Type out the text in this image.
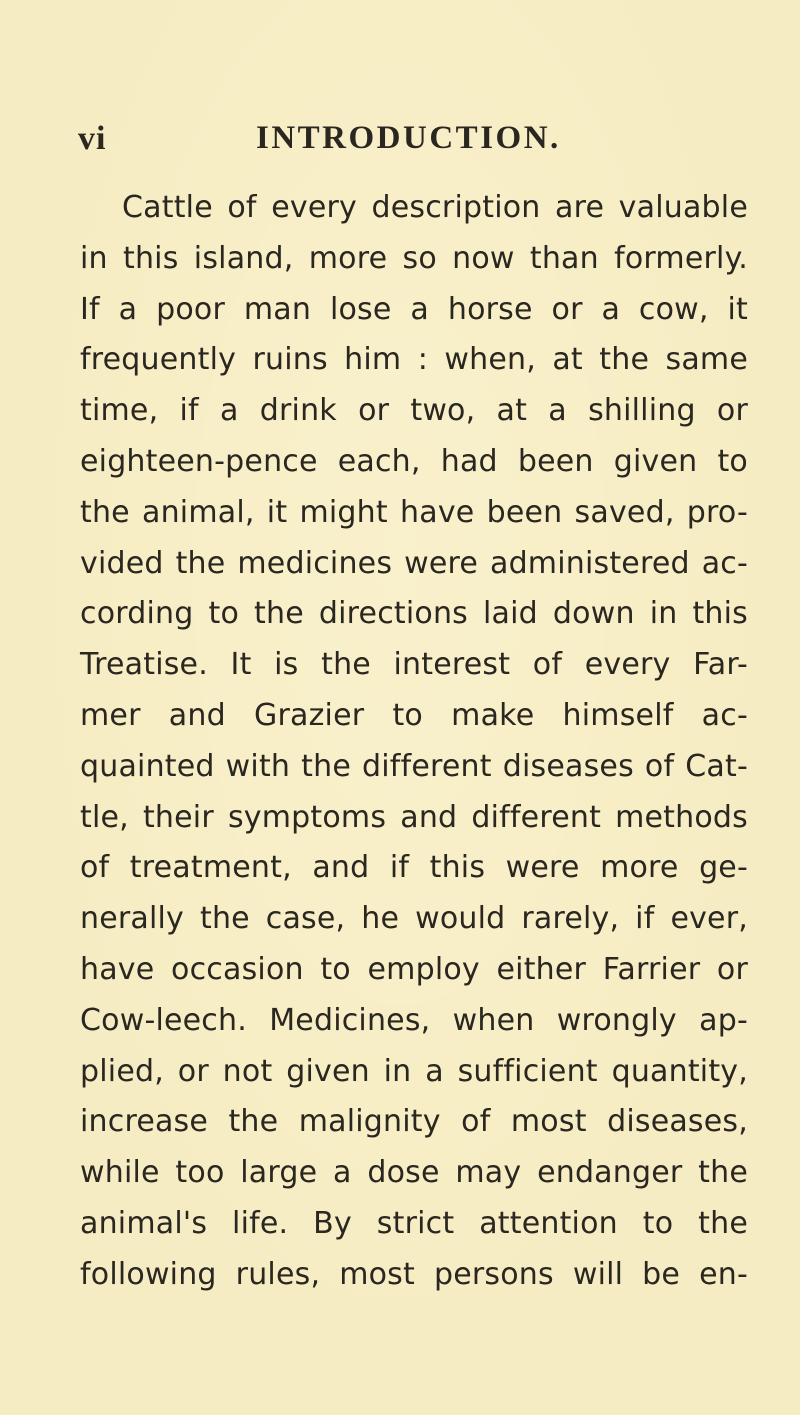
vi	INTRODUCTION.
Cattle of every description are valuable
in this island, more so now than formerly.
If a poor man lose a horse or a cow, it
frequently ruins him : when, at the same
time, if a drink or two, at a shilling or
eighteen-pence each, had been given to
the animal, it might have been saved, pro-
vided the medicines were administered ac-
cording to the directions laid down in this
Treatise. It is the interest of every Far-
mer and Grazier to make himself ac-
quainted with the different diseases of Cat-
tle, their symptoms and different methods
of treatment, and if this were more ge-
nerally the case, he would rarely, if ever,
have occasion to employ either Farrier or
Cow-leech. Medicines, when wrongly ap-
plied, or not given in a sufficient quantity,
increase the malignity of most diseases,
while too large a dose may endanger the
animal's life. By strict attention to the
following rules, most persons will be en-
